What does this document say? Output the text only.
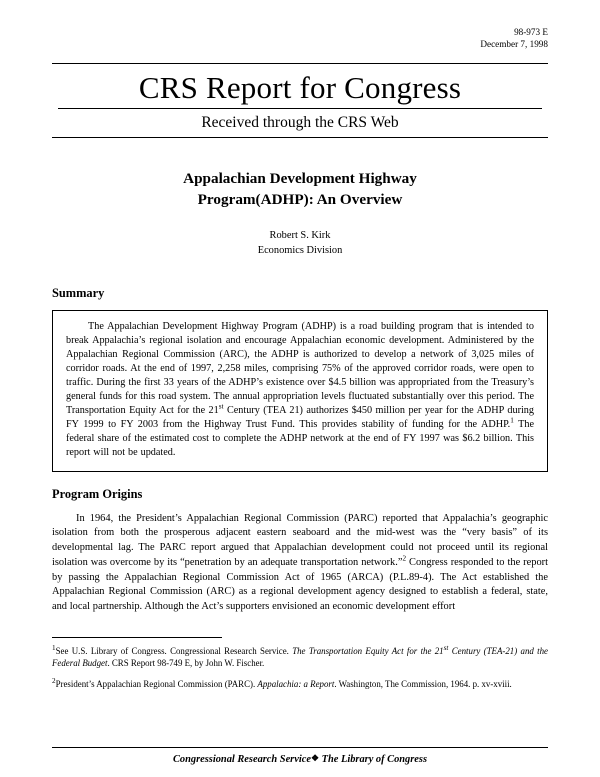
98-973 E
December 7, 1998
CRS Report for Congress
Received through the CRS Web
Appalachian Development Highway
Program(ADHP): An Overview
Robert S. Kirk
Economics Division
Summary

The Appalachian Development Highway Program (ADHP) is a road building program that is intended to break Appalachia’s regional isolation and encourage Appalachian economic development. Administered by the Appalachian Regional Commission (ARC), the ADHP is authorized to develop a network of 3,025 miles of corridor roads. At the end of 1997, 2,258 miles, comprising 75% of the approved corridor roads, were open to traffic. During the first 33 years of the ADHP’s existence over $4.5 billion was appropriated from the Treasury’s general funds for this road system. The annual appropriation levels fluctuated substantially over this period. The Transportation Equity Act for the 21st Century (TEA 21) authorizes $450 million per year for the ADHP during FY 1999 to FY 2003 from the Highway Trust Fund. This provides stability of funding for the ADHP.$^1$ The federal share of the estimated cost to complete the ADHP network at the end of FY 1997 was $6.2 billion. This report will not be updated.

Program Origins

In 1964, the President’s Appalachian Regional Commission (PARC) reported that Appalachia’s geographic isolation from both the prosperous adjacent eastern seaboard and the mid-west was the “very basis” of its developmental lag. The PARC report argued that Appalachian development could not proceed until its regional isolation was overcome by its “penetration by an adequate transportation network.”$^2$ Congress responded to the report by passing the Appalachian Regional Commission Act of 1965 (ARCA) (P.L.89-4). The Act established the Appalachian Regional Commission (ARC) as a regional development agency designed to establish a federal, state, and local partnership. Although the Act’s supporters envisioned an economic development effort

$^1$See U.S. Library of Congress. Congressional Research Service. The Transportation Equity Act for the 21st Century (TEA-21) and the Federal Budget. CRS Report 98-749 E, by John W. Fischer.

$^2$President’s Appalachian Regional Commission (PARC). Appalachia: a Report. Washington, The Commission, 1964. p. xv-xviii.

Congressional Research Service❖ The Library of Congress
